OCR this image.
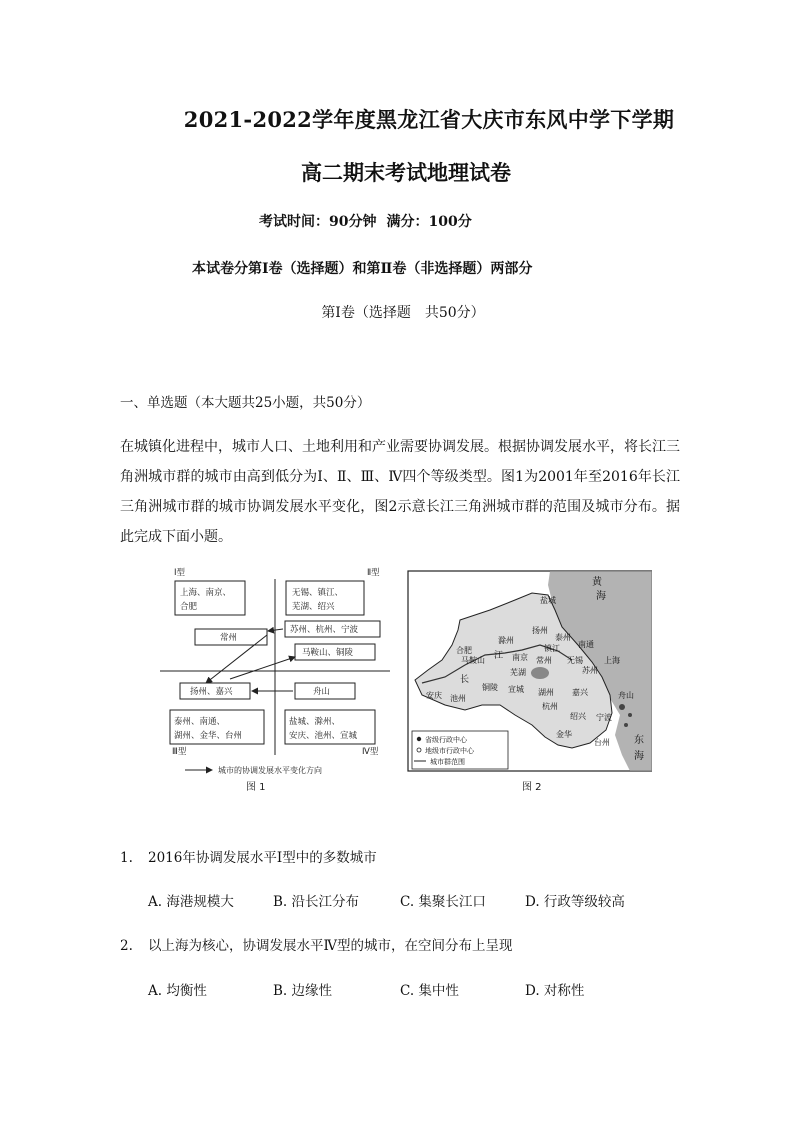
2021-2022学年度黑龙江省大庆市东风中学下学期
高二期末考试地理试卷
考试时间：90分钟 满分：100分
本试卷分第Ⅰ卷（选择题）和第Ⅱ卷（非选择题）两部分
第Ⅰ卷（选择题　共50分）
一、单选题（本大题共25小题，共50分）
在城镇化进程中，城市人口、土地利用和产业需要协调发展。根据协调发展水平，将长江三角洲城市群的城市由高到低分为Ⅰ、Ⅱ、Ⅲ、Ⅳ四个等级类型。图1为2001年至2016年长江三角洲城市群的城市协调发展水平变化，图2示意长江三角洲城市群的范围及城市分布。据此完成下面小题。
Ⅰ型	Ⅱ型
Ⅲ型	Ⅳ型
上海、南京、
合肥
无锡、镇江、
芜湖、绍兴
常州
苏州、杭州、宁波
马鞍山、铜陵
扬州、嘉兴	舟山
泰州、南通、
湖州、金华、台州
盐城、滁州、
安庆、池州、宣城
城市的协调发展水平变化方向
图 1
黄
海
东
海
长
江
盐城
扬州
泰州
南通
滁州
镇江
合肥
南京
马鞍山	常州 无锡
苏州
上海
芜湖
铜陵
安庆 池州
宣城 湖州 嘉兴
杭州
绍兴 宁波
舟山
金华
台州
省级行政中心
地级市行政中心
城市群范围
图 2
1. 2016年协调发展水平Ⅰ型中的多数城市
A. 海港规模大	B. 沿长江分布	C. 集聚长江口	D. 行政等级较高
2. 以上海为核心，协调发展水平Ⅳ型的城市，在空间分布上呈现
A. 均衡性	B. 边缘性	C. 集中性	D. 对称性
